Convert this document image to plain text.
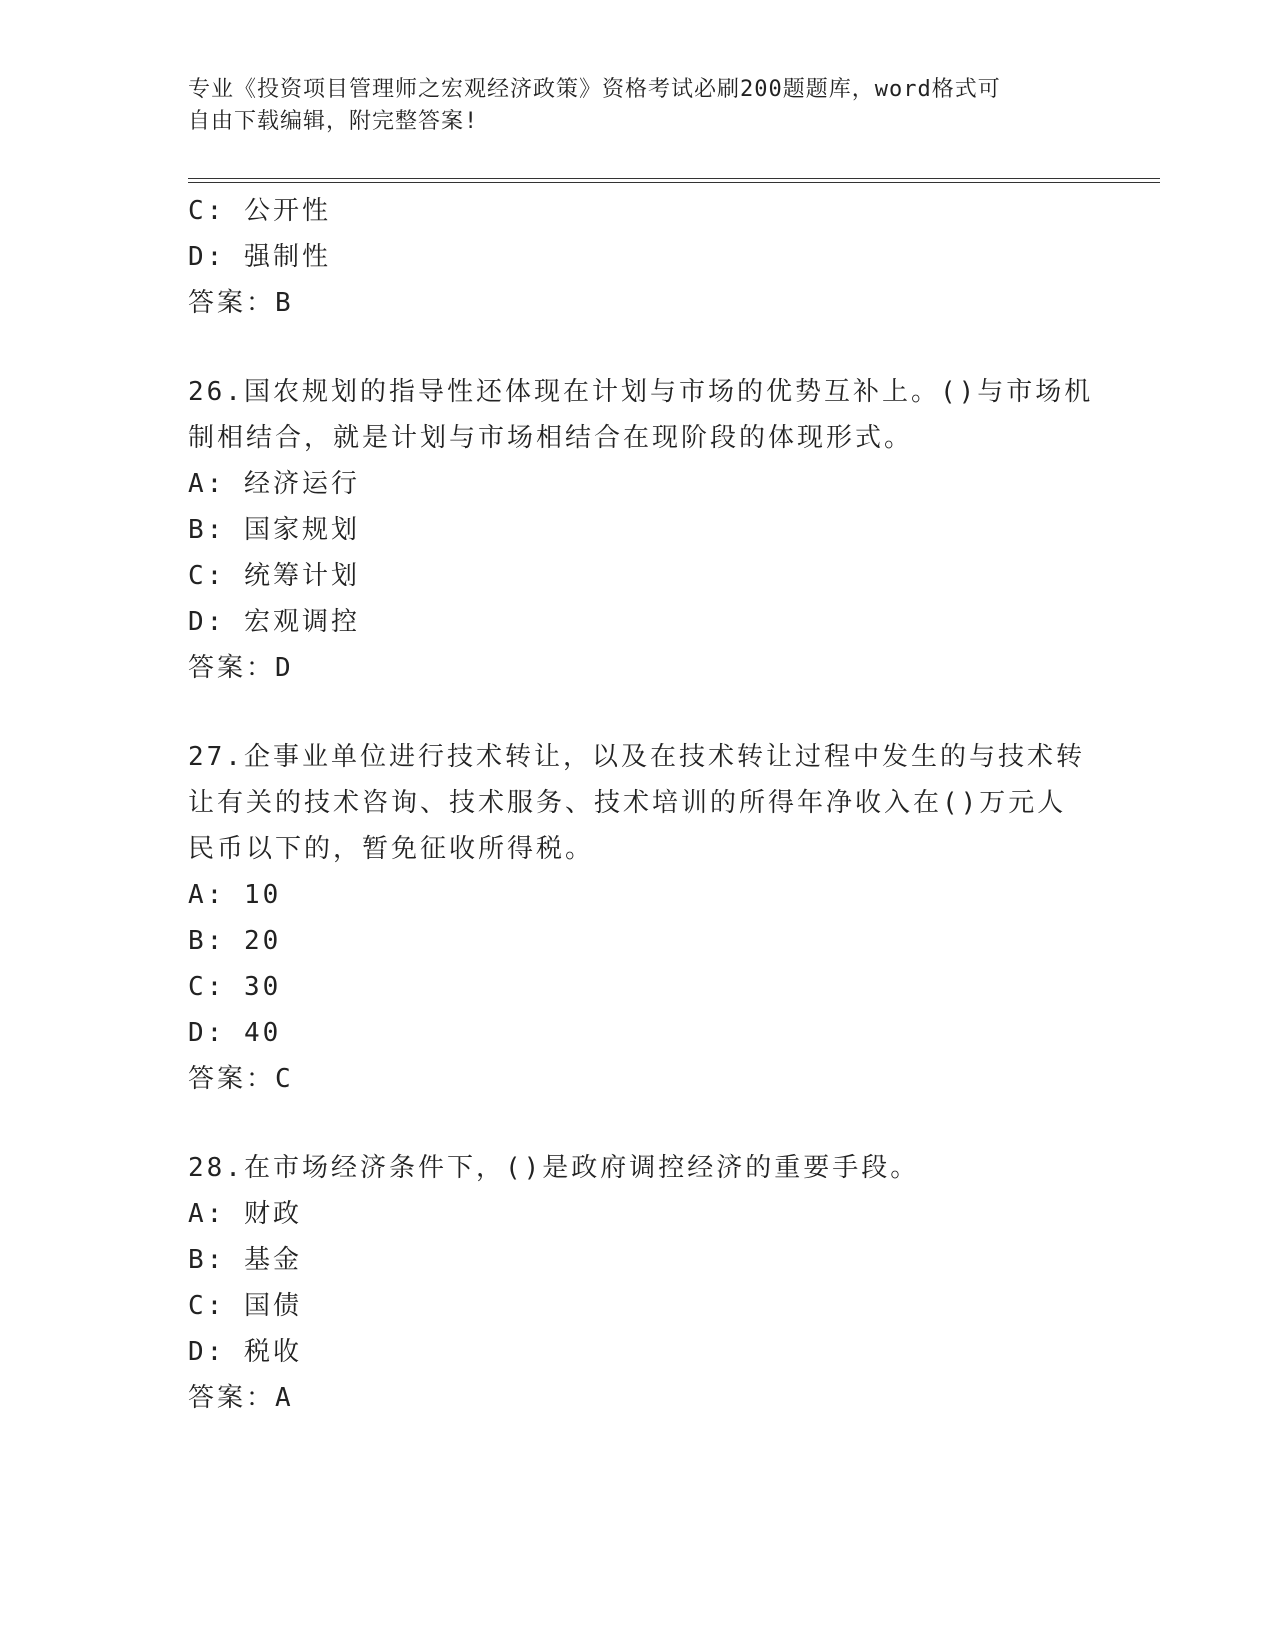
专业《投资项目管理师之宏观经济政策》资格考试必刷200题题库，word格式可
自由下载编辑，附完整答案!
C: 公开性
D: 强制性
答案：B
26.国农规划的指导性还体现在计划与市场的优势互补上。()与市场机
制相结合，就是计划与市场相结合在现阶段的体现形式。
A: 经济运行
B: 国家规划
C: 统筹计划
D: 宏观调控
答案：D
27.企事业单位进行技术转让，以及在技术转让过程中发生的与技术转
让有关的技术咨询、技术服务、技术培训的所得年净收入在()万元人
民币以下的，暂免征收所得税。
A: 10
B: 20
C: 30
D: 40
答案：C
28.在市场经济条件下，()是政府调控经济的重要手段。
A: 财政
B: 基金
C: 国债
D: 税收
答案：A
